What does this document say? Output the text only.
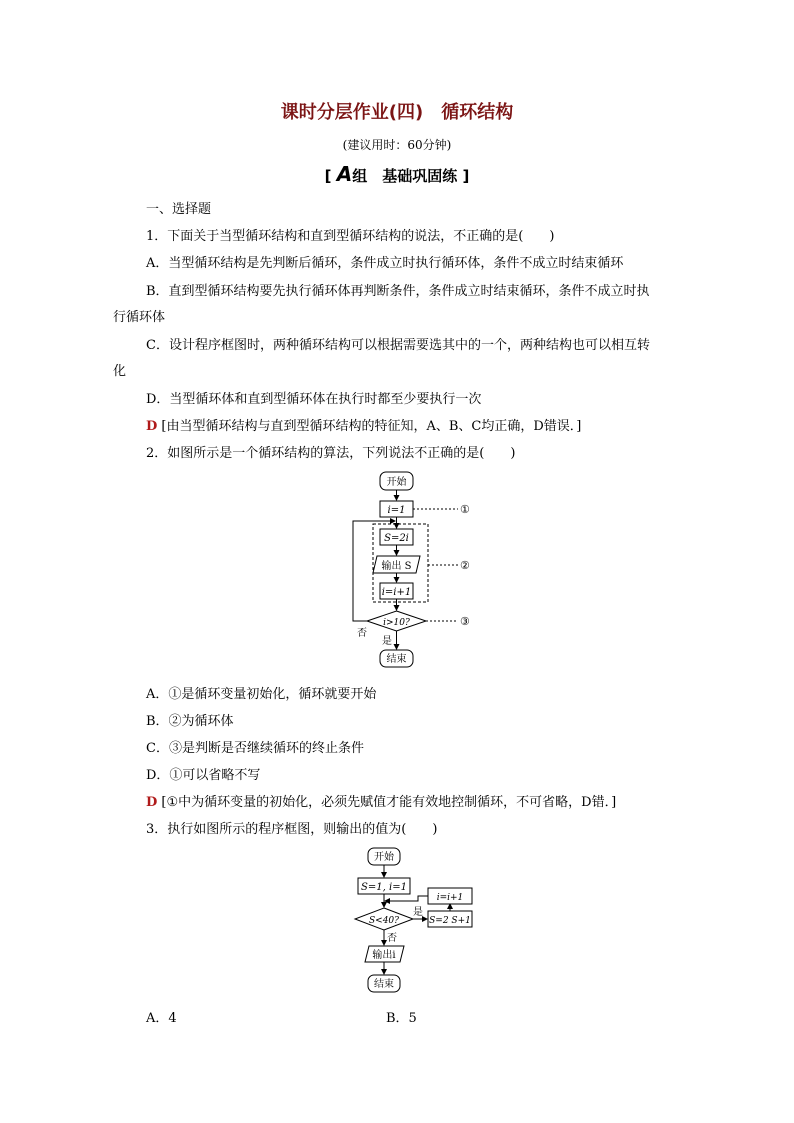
课时分层作业(四) 循环结构
(建议用时：60分钟)
[ A组　基础巩固练 ]
一、选择题
1．下面关于当型循环结构和直到型循环结构的说法，不正确的是(　　)
A．当型循环结构是先判断后循环，条件成立时执行循环体，条件不成立时结束循环
B．直到型循环结构要先执行循环体再判断条件，条件成立时结束循环，条件不成立时执
行循环体
C．设计程序框图时，两种循环结构可以根据需要选其中的一个，两种结构也可以相互转
化
D．当型循环体和直到型循环体在执行时都至少要执行一次
D [由当型循环结构与直到型循环结构的特征知，A、B、C均正确，D错误．]
2．如图所示是一个循环结构的算法，下列说法不正确的是(　　)
开始
i=1	①
②
S=2i
输出 S
i=i+1
i>10?	③
否
是
结束
A．①是循环变量初始化，循环就要开始
B．②为循环体
C．③是判断是否继续循环的终止条件
D．①可以省略不写
D [①中为循环变量的初始化，必须先赋值才能有效地控制循环，不可省略，D错．]
3．执行如图所示的程序框图，则输出的值为(　　)
开始
S=1, i=1
S<40?
是
S=2 S+1
i=i+1
否
输出i
结束
A．4	B．5
